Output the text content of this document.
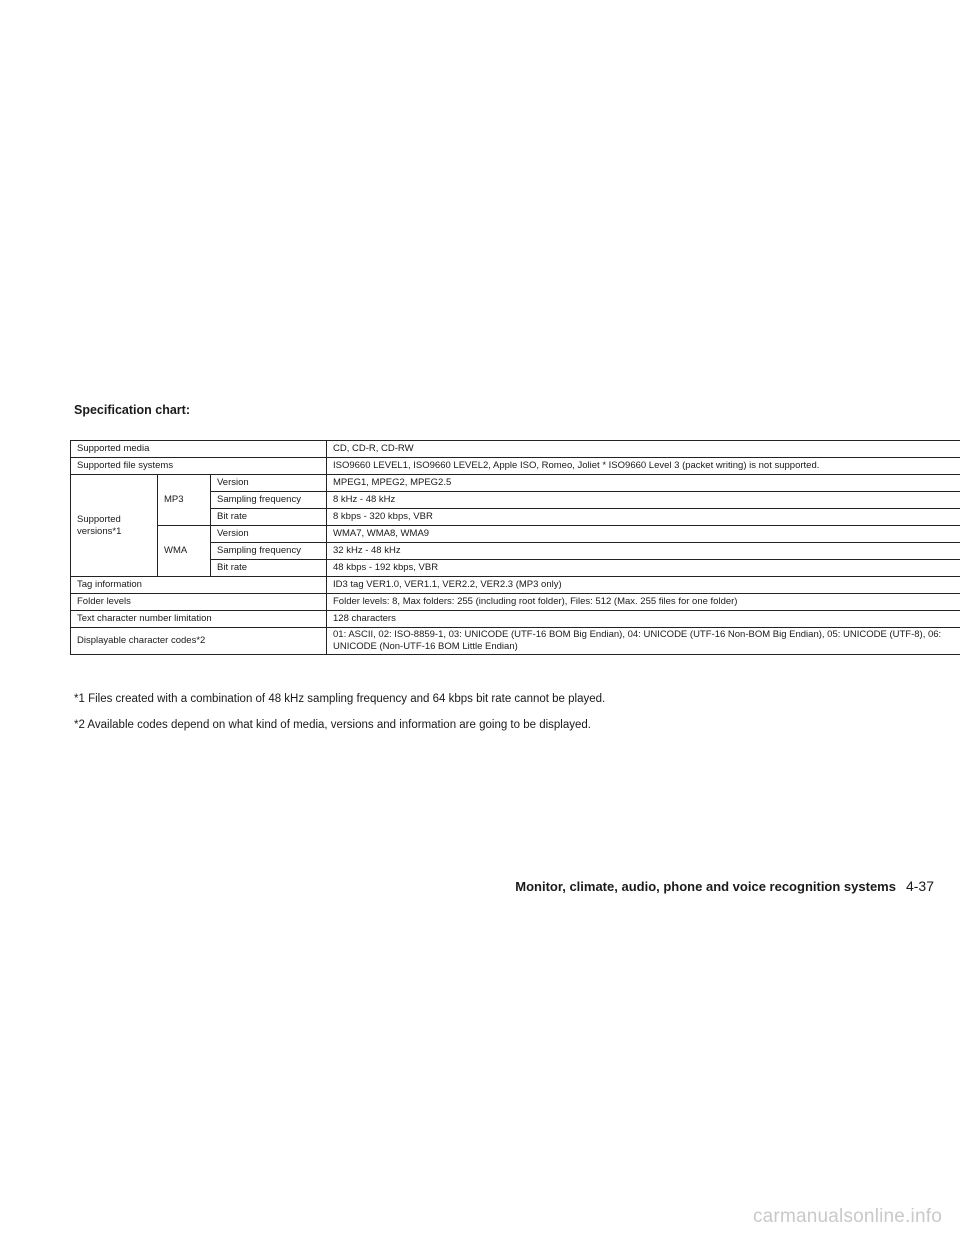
Specification chart:
Supported media			CD, CD-R, CD-RW
Supported file systems			ISO9660 LEVEL1, ISO9660 LEVEL2, Apple ISO, Romeo, Joliet * ISO9660 Level 3 (packet writing) is not supported.
Supported versions*1	MP3	Version	MPEG1, MPEG2, MPEG2.5
		Sampling frequency	8 kHz - 48 kHz
		Bit rate	8 kbps - 320 kbps, VBR
	WMA	Version	WMA7, WMA8, WMA9
		Sampling frequency	32 kHz - 48 kHz
		Bit rate	48 kbps - 192 kbps, VBR
Tag information			ID3 tag VER1.0, VER1.1, VER2.2, VER2.3 (MP3 only)
Folder levels			Folder levels: 8, Max folders: 255 (including root folder), Files: 512 (Max. 255 files for one folder)
Text character number limitation			128 characters
Displayable character codes*2			01: ASCII, 02: ISO-8859-1, 03: UNICODE (UTF-16 BOM Big Endian), 04: UNICODE (UTF-16 Non-BOM Big Endian), 05: UNICODE (UTF-8), 06: UNICODE (Non-UTF-16 BOM Little Endian)

*1 Files created with a combination of 48 kHz sampling frequency and 64 kbps bit rate cannot be played.

*2 Available codes depend on what kind of media, versions and information are going to be displayed.

Monitor, climate, audio, phone and voice recognition systems 4-37
carmanualsonline.info
